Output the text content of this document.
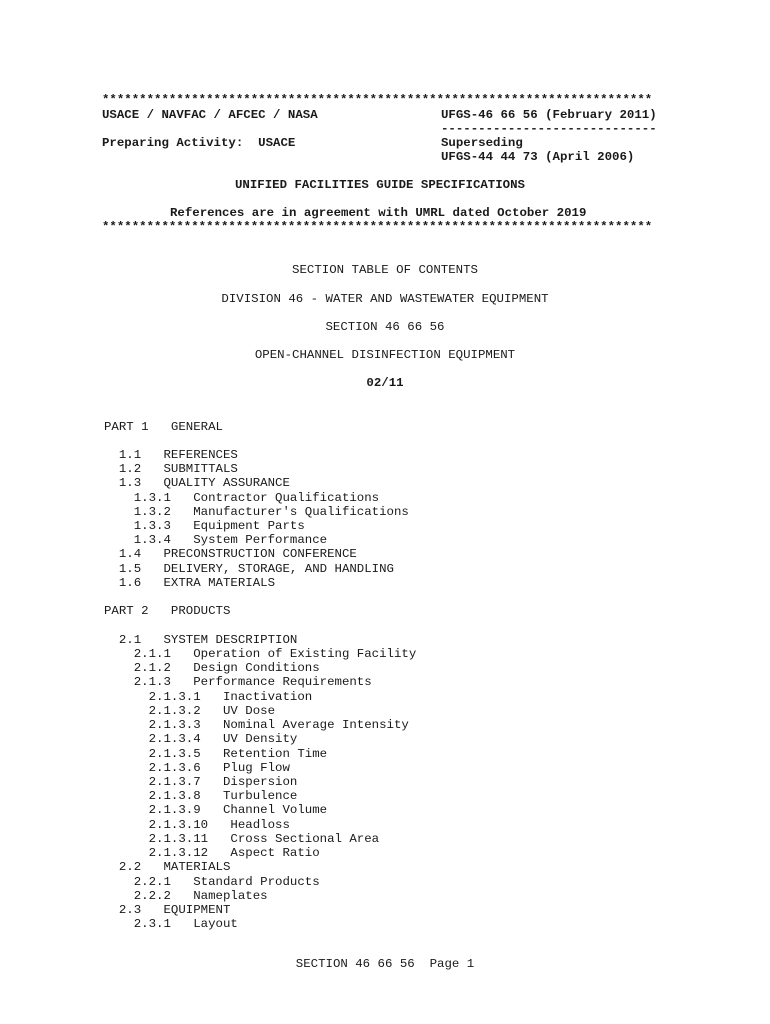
**************************************************************************
USACE / NAVFAC / AFCEC / NASA	UFGS-46 66 56 (February 2011)
-----------------------------
Preparing Activity:  USACE	Superseding
UFGS-44 44 73 (April 2006)
UNIFIED FACILITIES GUIDE SPECIFICATIONS
References are in agreement with UMRL dated October 2019
**************************************************************************
SECTION TABLE OF CONTENTS
DIVISION 46 - WATER AND WASTEWATER EQUIPMENT
SECTION 46 66 56
OPEN-CHANNEL DISINFECTION EQUIPMENT
02/11
PART 1   GENERAL
1.1   REFERENCES
1.2   SUBMITTALS
1.3   QUALITY ASSURANCE
1.3.1   Contractor Qualifications
1.3.2   Manufacturer's Qualifications
1.3.3   Equipment Parts
1.3.4   System Performance
1.4   PRECONSTRUCTION CONFERENCE
1.5   DELIVERY, STORAGE, AND HANDLING
1.6   EXTRA MATERIALS
PART 2   PRODUCTS
2.1   SYSTEM DESCRIPTION
2.1.1   Operation of Existing Facility
2.1.2   Design Conditions
2.1.3   Performance Requirements
2.1.3.1   Inactivation
2.1.3.2   UV Dose
2.1.3.3   Nominal Average Intensity
2.1.3.4   UV Density
2.1.3.5   Retention Time
2.1.3.6   Plug Flow
2.1.3.7   Dispersion
2.1.3.8   Turbulence
2.1.3.9   Channel Volume
2.1.3.10   Headloss
2.1.3.11   Cross Sectional Area
2.1.3.12   Aspect Ratio
2.2   MATERIALS
2.2.1   Standard Products
2.2.2   Nameplates
2.3   EQUIPMENT
2.3.1   Layout
SECTION 46 66 56  Page 1
